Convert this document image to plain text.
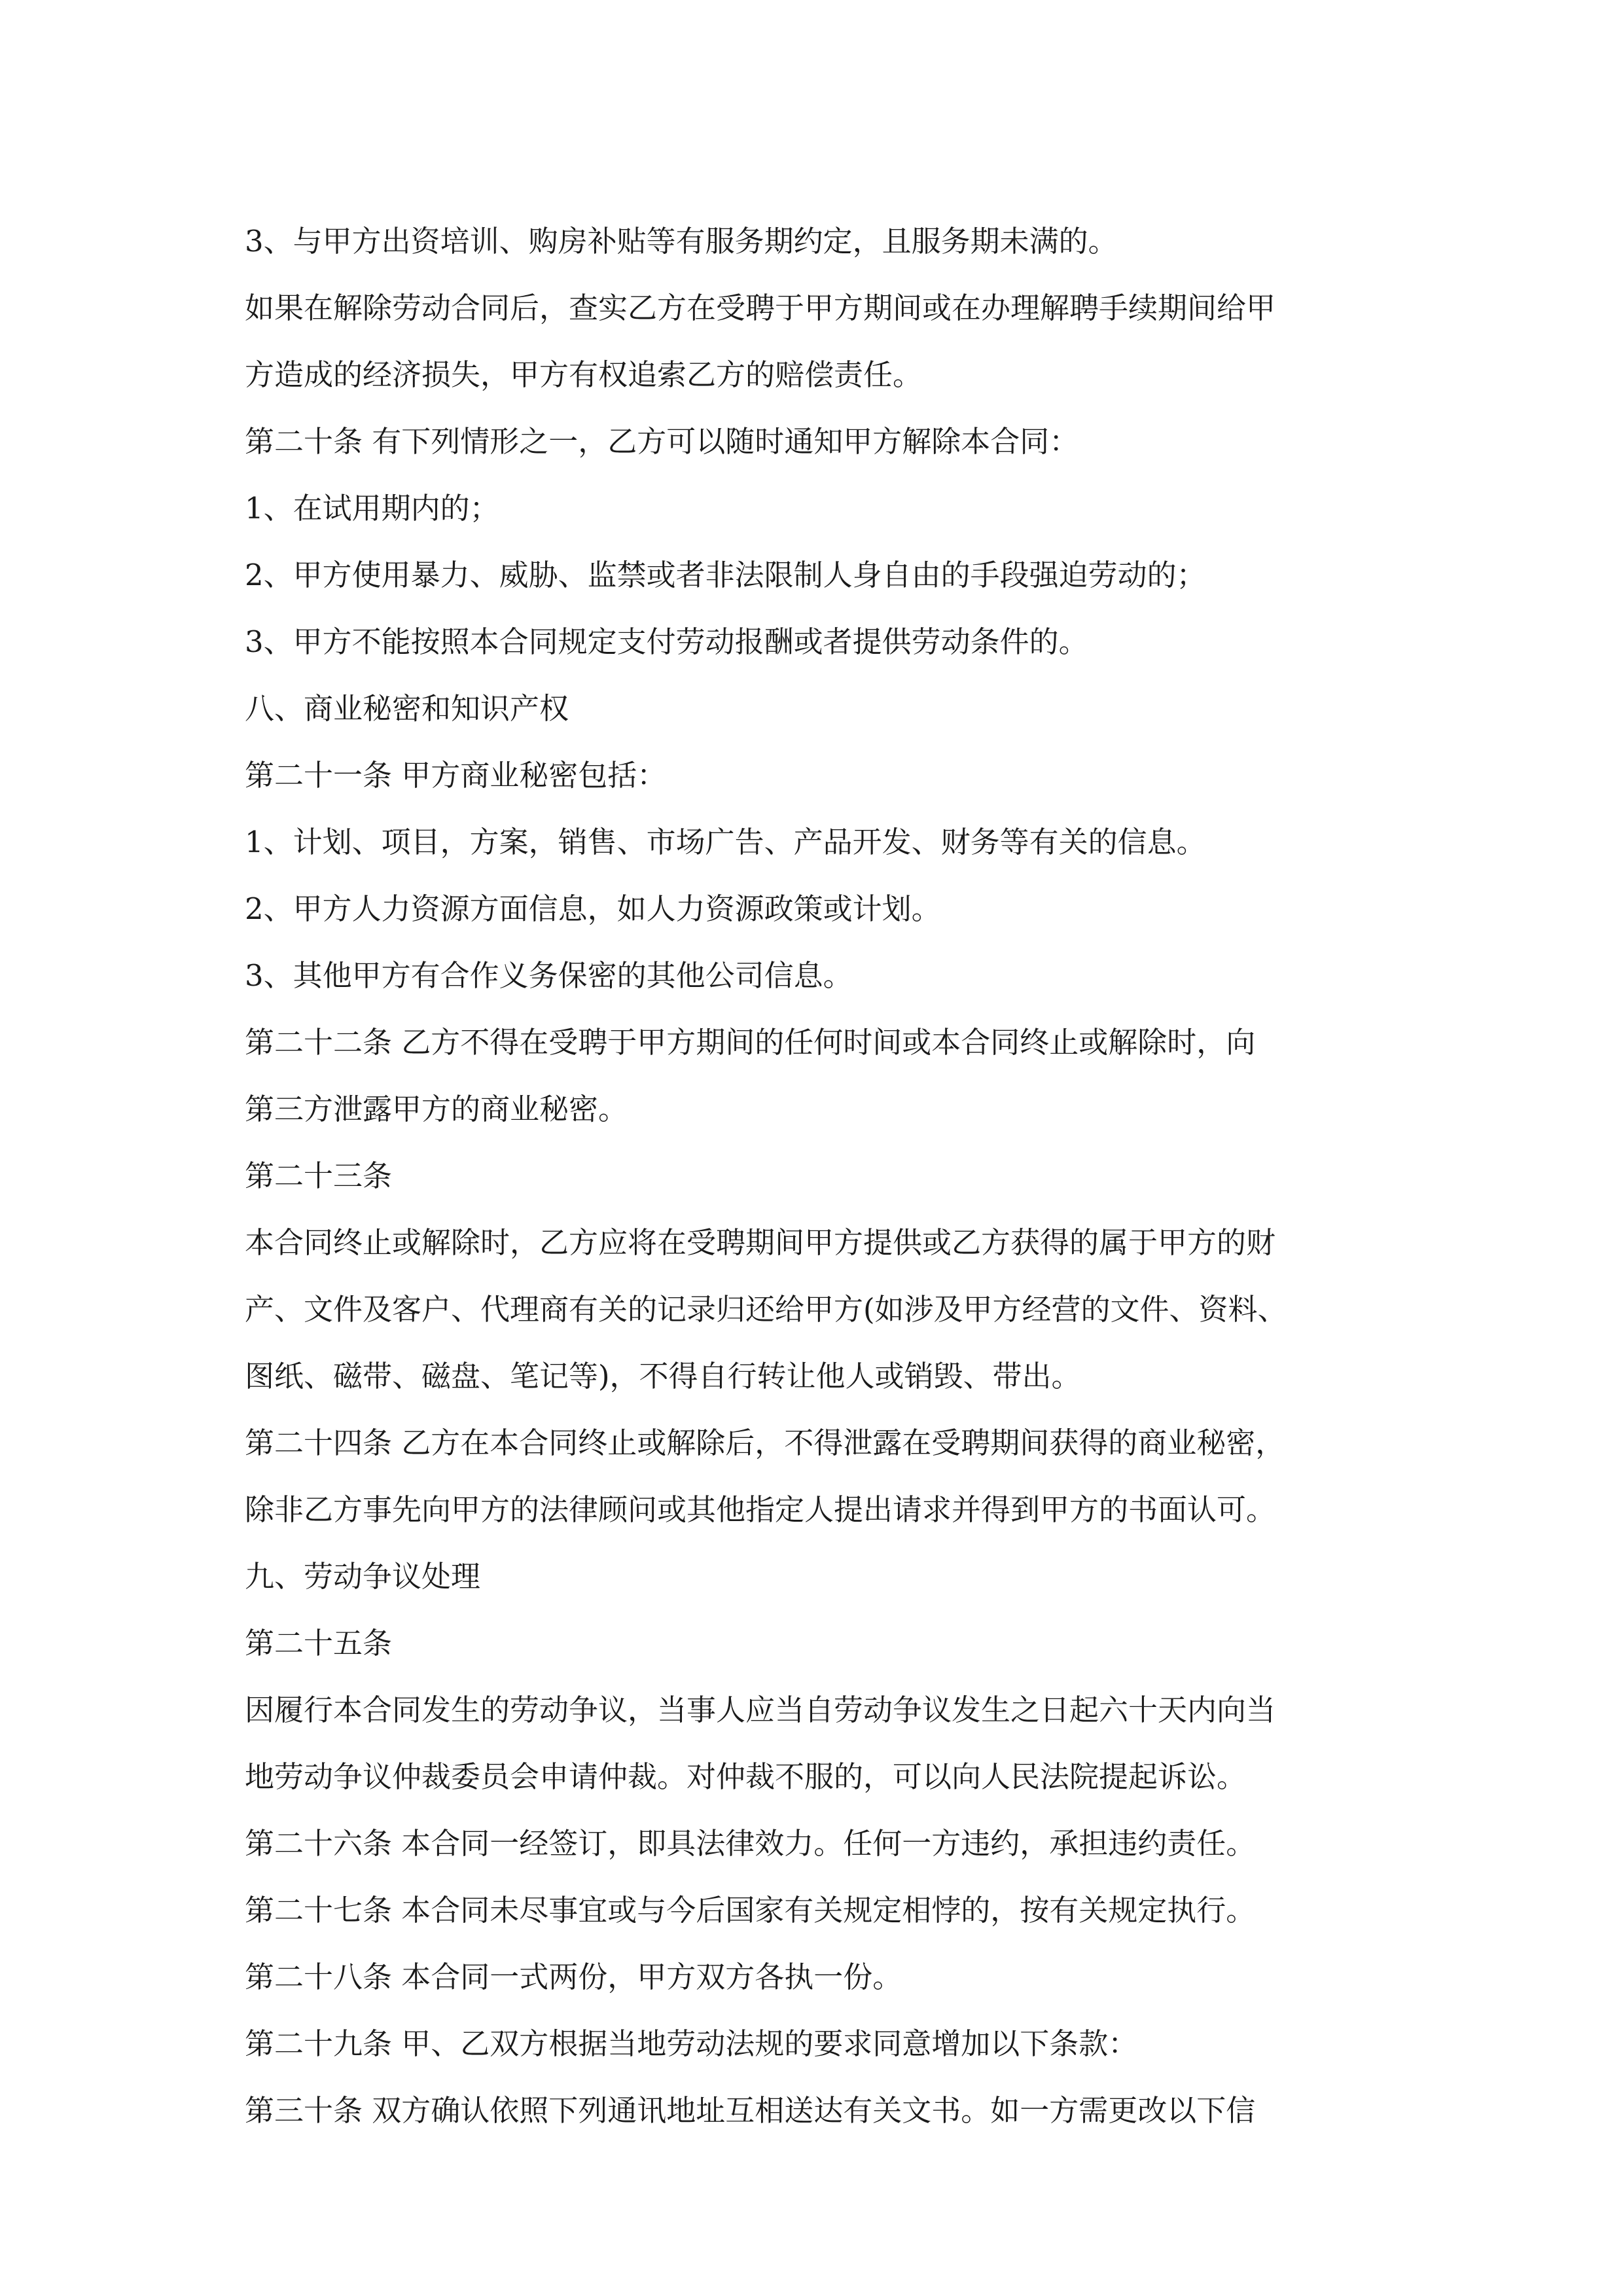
3、与甲方出资培训、购房补贴等有服务期约定，且服务期未满的。
如果在解除劳动合同后，查实乙方在受聘于甲方期间或在办理解聘手续期间给甲
方造成的经济损失，甲方有权追索乙方的赔偿责任。
第二十条 有下列情形之一，乙方可以随时通知甲方解除本合同：
1、在试用期内的；
2、甲方使用暴力、威胁、监禁或者非法限制人身自由的手段强迫劳动的；
3、甲方不能按照本合同规定支付劳动报酬或者提供劳动条件的。
八、商业秘密和知识产权
第二十一条 甲方商业秘密包括：
1、计划、项目，方案，销售、市场广告、产品开发、财务等有关的信息。
2、甲方人力资源方面信息，如人力资源政策或计划。
3、其他甲方有合作义务保密的其他公司信息。
第二十二条 乙方不得在受聘于甲方期间的任何时间或本合同终止或解除时，向
第三方泄露甲方的商业秘密。
第二十三条
本合同终止或解除时，乙方应将在受聘期间甲方提供或乙方获得的属于甲方的财
产、文件及客户、代理商有关的记录归还给甲方(如涉及甲方经营的文件、资料、
图纸、磁带、磁盘、笔记等)，不得自行转让他人或销毁、带出。
第二十四条 乙方在本合同终止或解除后，不得泄露在受聘期间获得的商业秘密，
除非乙方事先向甲方的法律顾问或其他指定人提出请求并得到甲方的书面认可。
九、劳动争议处理
第二十五条
因履行本合同发生的劳动争议，当事人应当自劳动争议发生之日起六十天内向当
地劳动争议仲裁委员会申请仲裁。对仲裁不服的，可以向人民法院提起诉讼。
第二十六条 本合同一经签订，即具法律效力。任何一方违约，承担违约责任。
第二十七条 本合同未尽事宜或与今后国家有关规定相悖的，按有关规定执行。
第二十八条 本合同一式两份，甲方双方各执一份。
第二十九条 甲、乙双方根据当地劳动法规的要求同意增加以下条款：
第三十条 双方确认依照下列通讯地址互相送达有关文书。如一方需更改以下信
